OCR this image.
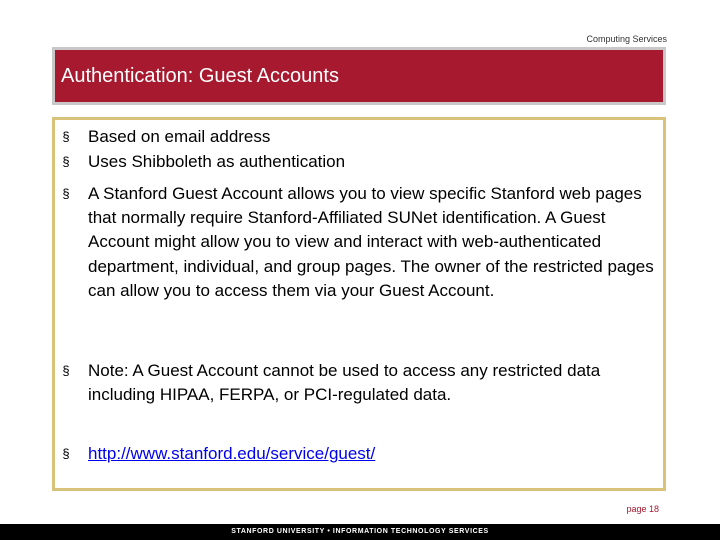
Computing Services
Authentication: Guest Accounts
§ Based on email address
§ Uses Shibboleth as authentication
§ A Stanford Guest Account allows you to view specific Stanford web pages that normally require Stanford-Affiliated SUNet identification. A Guest Account might allow you to view and interact with web-authenticated department, individual, and group pages. The owner of the restricted pages can allow you to access them via your Guest Account.
§ Note: A Guest Account cannot be used to access any restricted data including HIPAA, FERPA, or PCI-regulated data.
§ http://www.stanford.edu/service/guest/
page 18
STANFORD UNIVERSITY • INFORMATION TECHNOLOGY SERVICES
